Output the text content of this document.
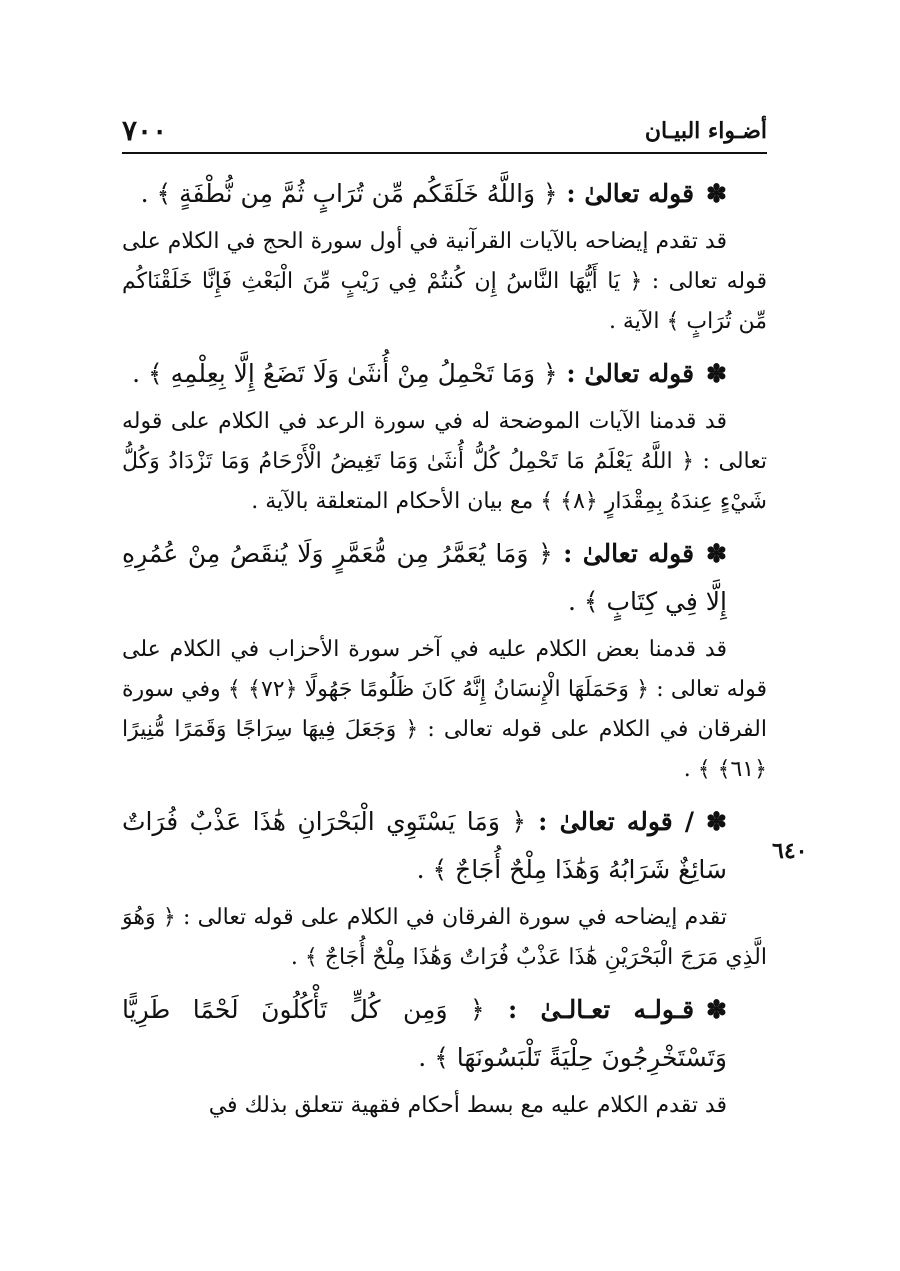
أضـواء البيـان
٧٠٠
٦٤٠

✽قوله تعالىٰ : ﴿ وَاللَّهُ خَلَقَكُم مِّن تُرَابٍ ثُمَّ مِن نُّطْفَةٍ ﴾ .

قد تقدم إيضاحه بالآيات القرآنية في أول سورة الحج في الكلام على قوله تعالى : ﴿ يَا أَيُّهَا النَّاسُ إِن كُنتُمْ فِي رَيْبٍ مِّنَ الْبَعْثِ فَإِنَّا خَلَقْنَاكُم مِّن تُرَابٍ ﴾ الآية .

✽قوله تعالىٰ : ﴿ وَمَا تَحْمِلُ مِنْ أُنثَىٰ وَلَا تَضَعُ إِلَّا بِعِلْمِهِ ﴾ .

قد قدمنا الآيات الموضحة له في سورة الرعد في الكلام على قوله تعالى : ﴿ اللَّهُ يَعْلَمُ مَا تَحْمِلُ كُلُّ أُنثَىٰ وَمَا تَغِيضُ الْأَرْحَامُ وَمَا تَزْدَادُ وَكُلُّ شَيْءٍ عِندَهُ بِمِقْدَارٍ ﴿٨﴾ ﴾ مع بيان الأحكام المتعلقة بالآية .

✽قوله تعالىٰ : ﴿ وَمَا يُعَمَّرُ مِن مُّعَمَّرٍ وَلَا يُنقَصُ مِنْ عُمُرِهِ إِلَّا فِي كِتَابٍ ﴾ .

قد قدمنا بعض الكلام عليه في آخر سورة الأحزاب في الكلام على قوله تعالى : ﴿ وَحَمَلَهَا الْإِنسَانُ إِنَّهُ كَانَ ظَلُومًا جَهُولًا ﴿٧٢﴾ ﴾ وفي سورة الفرقان في الكلام على قوله تعالى : ﴿ وَجَعَلَ فِيهَا سِرَاجًا وَقَمَرًا مُّنِيرًا ﴿٦١﴾ ﴾ .

✽/ قوله تعالىٰ : ﴿ وَمَا يَسْتَوِي الْبَحْرَانِ هَٰذَا عَذْبٌ فُرَاتٌ سَائِغٌ شَرَابُهُ وَهَٰذَا مِلْحٌ أُجَاجٌ ﴾ .

تقدم إيضاحه في سورة الفرقان في الكلام على قوله تعالى : ﴿ وَهُوَ الَّذِي مَرَجَ الْبَحْرَيْنِ هَٰذَا عَذْبٌ فُرَاتٌ وَهَٰذَا مِلْحٌ أُجَاجٌ ﴾ .

✽قـولـه تعـالـىٰ : ﴿ وَمِن كُلٍّ تَأْكُلُونَ لَحْمًا طَرِيًّا وَتَسْتَخْرِجُونَ حِلْيَةً تَلْبَسُونَهَا ﴾ .

قد تقدم الكلام عليه مع بسط أحكام فقهية تتعلق بذلك في
